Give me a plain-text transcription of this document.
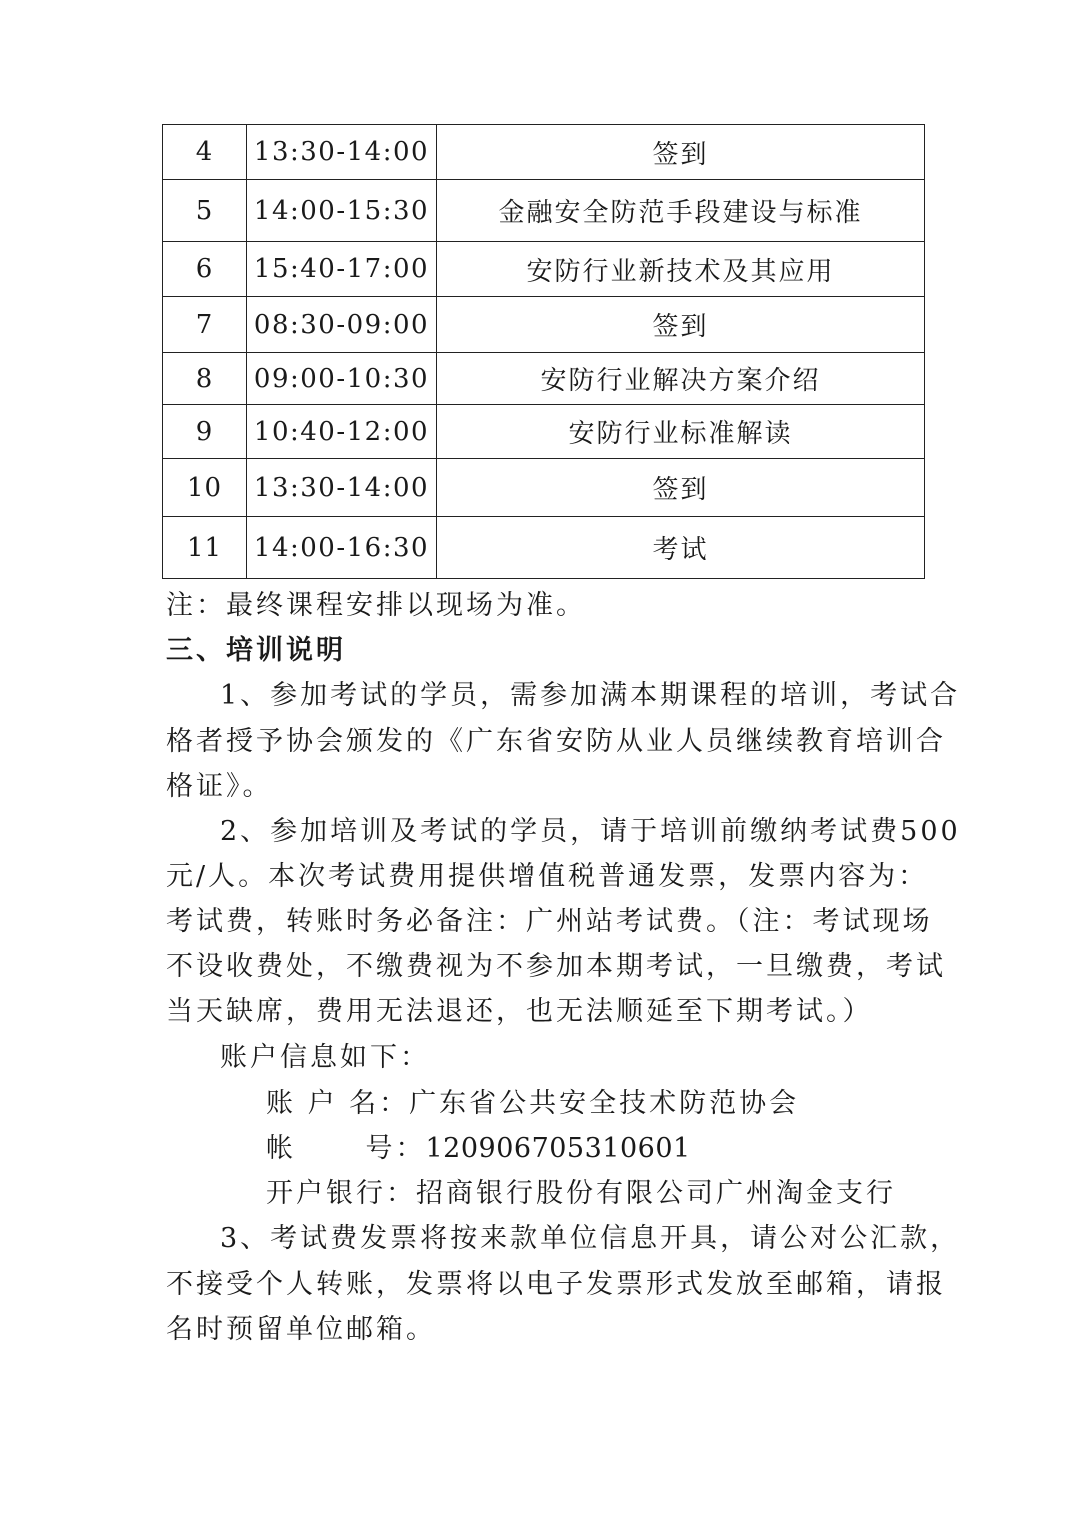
4	13:30-14:00	签到
5	14:00-15:30	金融安全防范手段建设与标准
6	15:40-17:00	安防行业新技术及其应用
7	08:30-09:00	签到
8	09:00-10:30	安防行业解决方案介绍
9	10:40-12:00	安防行业标准解读
10	13:30-14:00	签到
11	14:00-16:30	考试
注：最终课程安排以现场为准。
三、培训说明
1、参加考试的学员，需参加满本期课程的培训，考试合
格者授予协会颁发的《广东省安防从业人员继续教育培训合
格证》。
2、参加培训及考试的学员，请于培训前缴纳考试费500
元/人。本次考试费用提供增值税普通发票，发票内容为：
考试费，转账时务必备注：广州站考试费。（注：考试现场
不设收费处，不缴费视为不参加本期考试，一旦缴费，考试
当天缺席，费用无法退还，也无法顺延至下期考试。）
账户信息如下：
账 户 名：广东省公共安全技术防范协会
帐      号：120906705310601
开户银行：招商银行股份有限公司广州淘金支行
3、考试费发票将按来款单位信息开具，请公对公汇款，
不接受个人转账，发票将以电子发票形式发放至邮箱，请报
名时预留单位邮箱。
